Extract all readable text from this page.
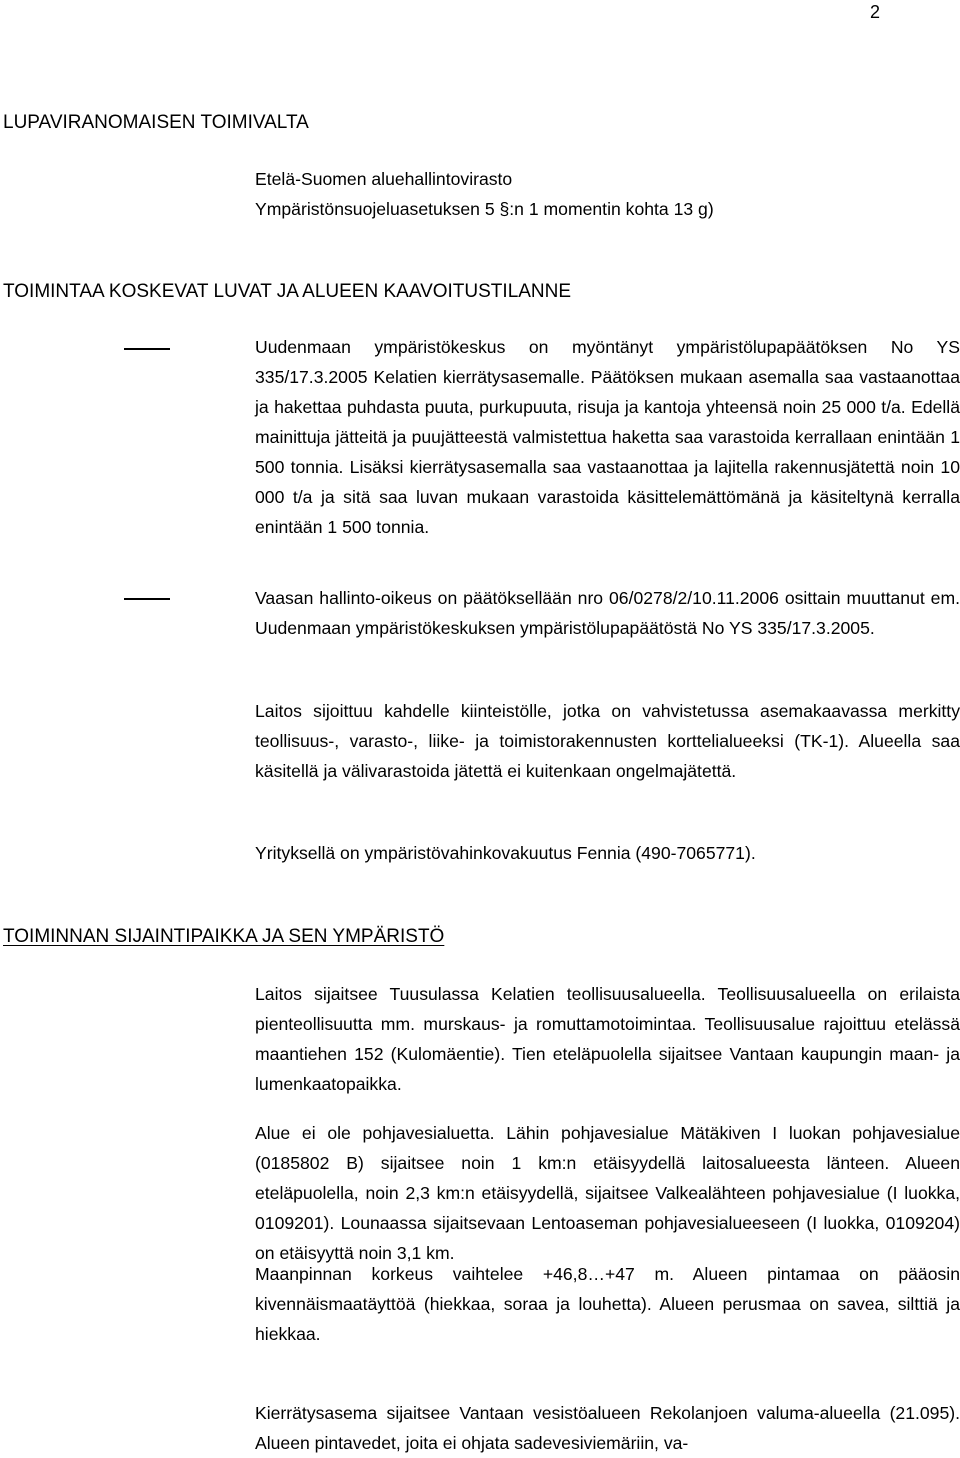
2
LUPAVIRANOMAISEN TOIMIVALTA
Etelä-Suomen aluehallintovirasto
Ympäristönsuojeluasetuksen 5 §:n 1 momentin kohta 13 g)
TOIMINTAA KOSKEVAT LUVAT JA ALUEEN KAAVOITUSTILANNE

Uudenmaan ympäristökeskus on myöntänyt ympäristölupapäätöksen No YS 335/17.3.2005 Kelatien kierrätysasemalle. Päätöksen mukaan asemalla saa vastaanottaa ja hakettaa puhdasta puuta, purkupuuta, risuja ja kantoja yhteensä noin 25 000 t/a. Edellä mainittuja jätteitä ja puujätteestä valmistettua haketta saa varastoida kerrallaan enintään 1 500 tonnia. Lisäksi kierrätysasemalla saa vastaanottaa ja lajitella rakennusjätettä noin 10 000 t/a ja sitä saa luvan mukaan varastoida käsittelemättömänä ja käsiteltynä kerralla enintään 1 500 tonnia.

Vaasan hallinto-oikeus on päätöksellään nro 06/0278/2/10.11.2006 osittain muuttanut em. Uudenmaan ympäristökeskuksen ympäristölupapäätöstä No YS 335/17.3.2005.

Laitos sijoittuu kahdelle kiinteistölle, jotka on vahvistetussa asemakaavassa merkitty teollisuus-, varasto-, liike- ja toimistorakennusten korttelialueeksi (TK-1). Alueella saa käsitellä ja välivarastoida jätettä ei kuitenkaan ongelmajätettä.

Yrityksellä on ympäristövahinkovakuutus Fennia (490-7065771).

TOIMINNAN SIJAINTIPAIKKA JA SEN YMPÄRISTÖ

Laitos sijaitsee Tuusulassa Kelatien teollisuusalueella. Teollisuusalueella on erilaista pienteollisuutta mm. murskaus- ja romuttamotoimintaa. Teollisuusalue rajoittuu etelässä maantiehen 152 (Kulomäentie). Tien eteläpuolella sijaitsee Vantaan kaupungin maan- ja lumenkaatopaikka.

Alue ei ole pohjavesialuetta. Lähin pohjavesialue Mätäkiven I luokan pohjavesialue (0185802 B) sijaitsee noin 1 km:n etäisyydellä laitosalueesta länteen. Alueen eteläpuolella, noin 2,3 km:n etäisyydellä, sijaitsee Valkealähteen pohjavesialue (I luokka, 0109201). Lounaassa sijaitsevaan Lentoaseman pohjavesialueeseen (I luokka, 0109204) on etäisyyttä noin 3,1 km.

Maanpinnan korkeus vaihtelee +46,8…+47 m. Alueen pintamaa on pääosin kivennäismaatäyttöä (hiekkaa, soraa ja louhetta). Alueen perusmaa on savea, silttiä ja hiekkaa.

Kierrätysasema sijaitsee Vantaan vesistöalueen Rekolanjoen valuma-alueella (21.095). Alueen pintavedet, joita ei ohjata sadevesiviemäriin, va-
